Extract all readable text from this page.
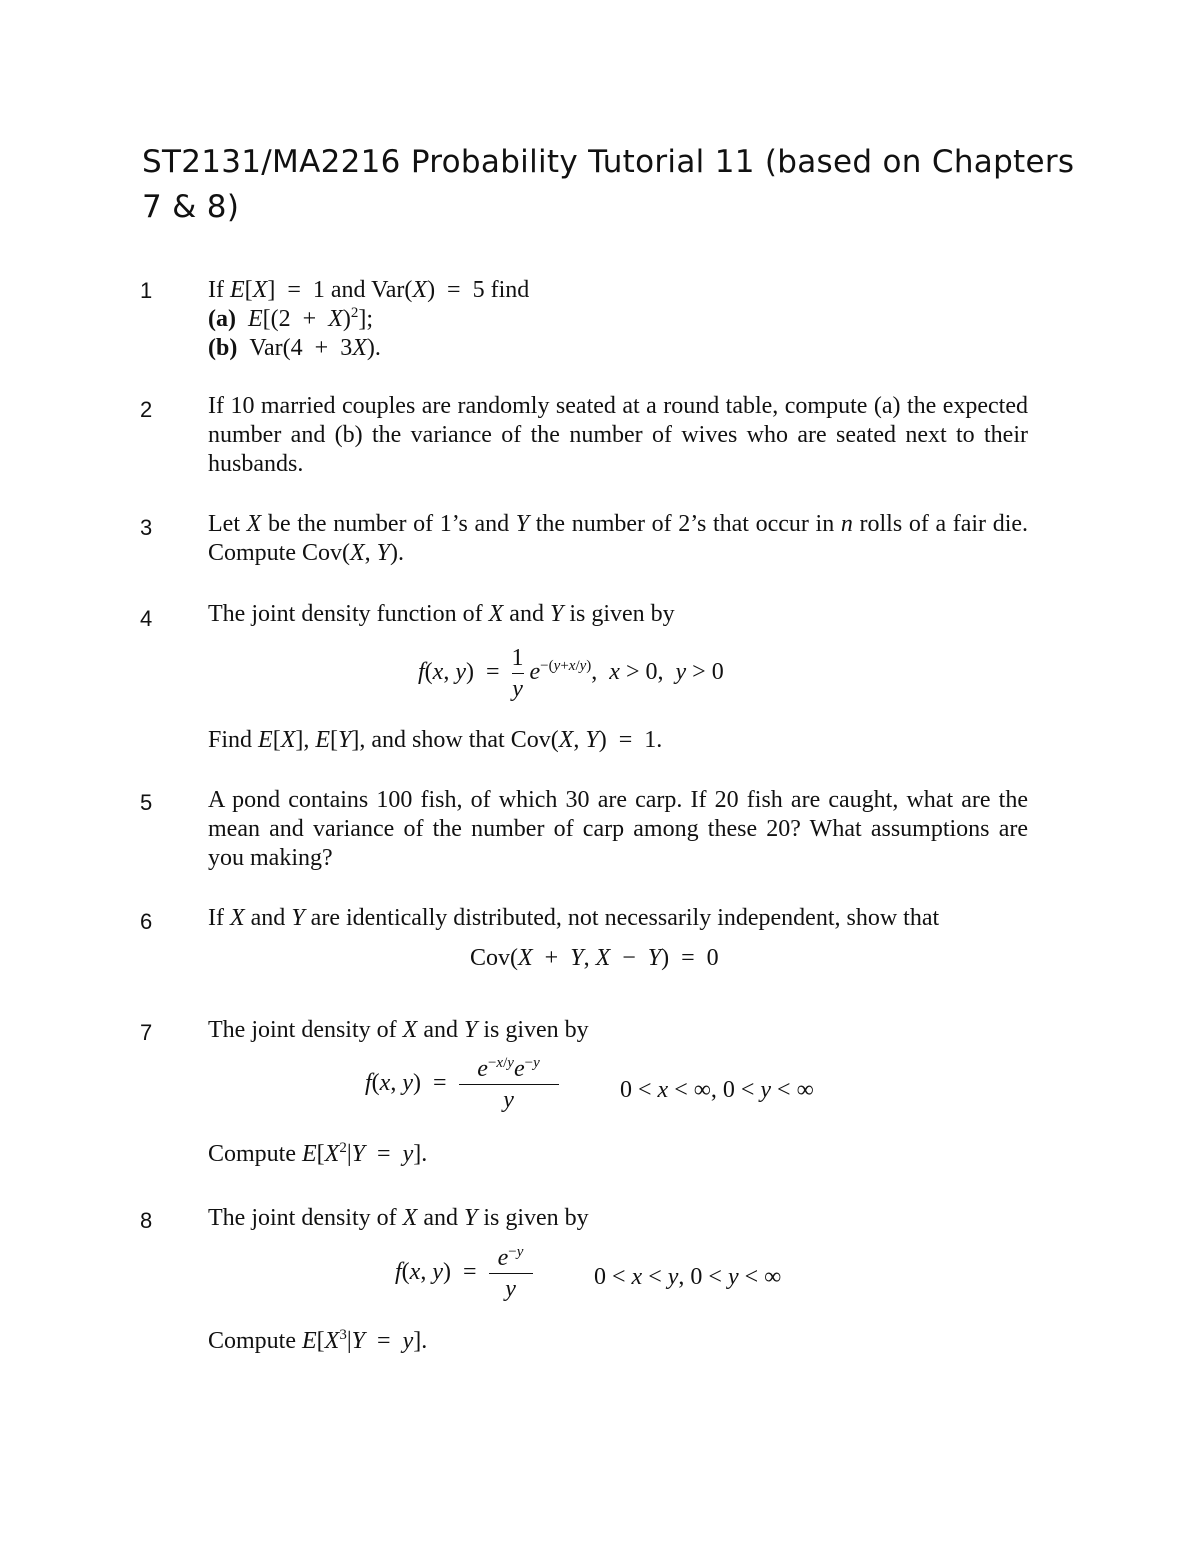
ST2131/MA2216 Probability Tutorial 11 (based on Chapters 7 & 8)
1	If E[X]  =  1 and Var(X)  =  5 find
(a) $E[(2 + X)^2]$;
(b)  Var(4  +  3X).
2	If 10 married couples are randomly seated at a round table, compute (a) the expected number and (b) the variance of the number of wives who are seated next to their husbands.
3	Let X be the number of 1’s and Y the number of 2’s that occur in n rolls of a fair die. Compute Cov(X, Y).
4	The joint density function of X and Y is given by
f(x, $y) = \frac{1}{y} e^{-(y+x/y)}$,  x > 0,  y > 0
Find E[X], E[Y], and show that Cov(X, Y)  =  1.
5	A pond contains 100 fish, of which 30 are carp. If 20 fish are caught, what are the mean and variance of the number of carp among these 20? What assumptions are you making?
6	If X and Y are identically distributed, not necessarily independent, show that
Cov(X  +  Y, X  −  Y)  =  0
7	The joint density of X and Y is given by
f(x, $y) = \frac{e^{-x/y}e^{-y}}{y}$	0 < x < ∞, 0 < y < ∞
Compute $E[X^2|Y = y]$.
8	The joint density of X and Y is given by
f(x, $y) = \frac{e^{-y}}{y}$	0 < x < y, 0 < y < ∞
Compute $E[X^3|Y = y]$.
